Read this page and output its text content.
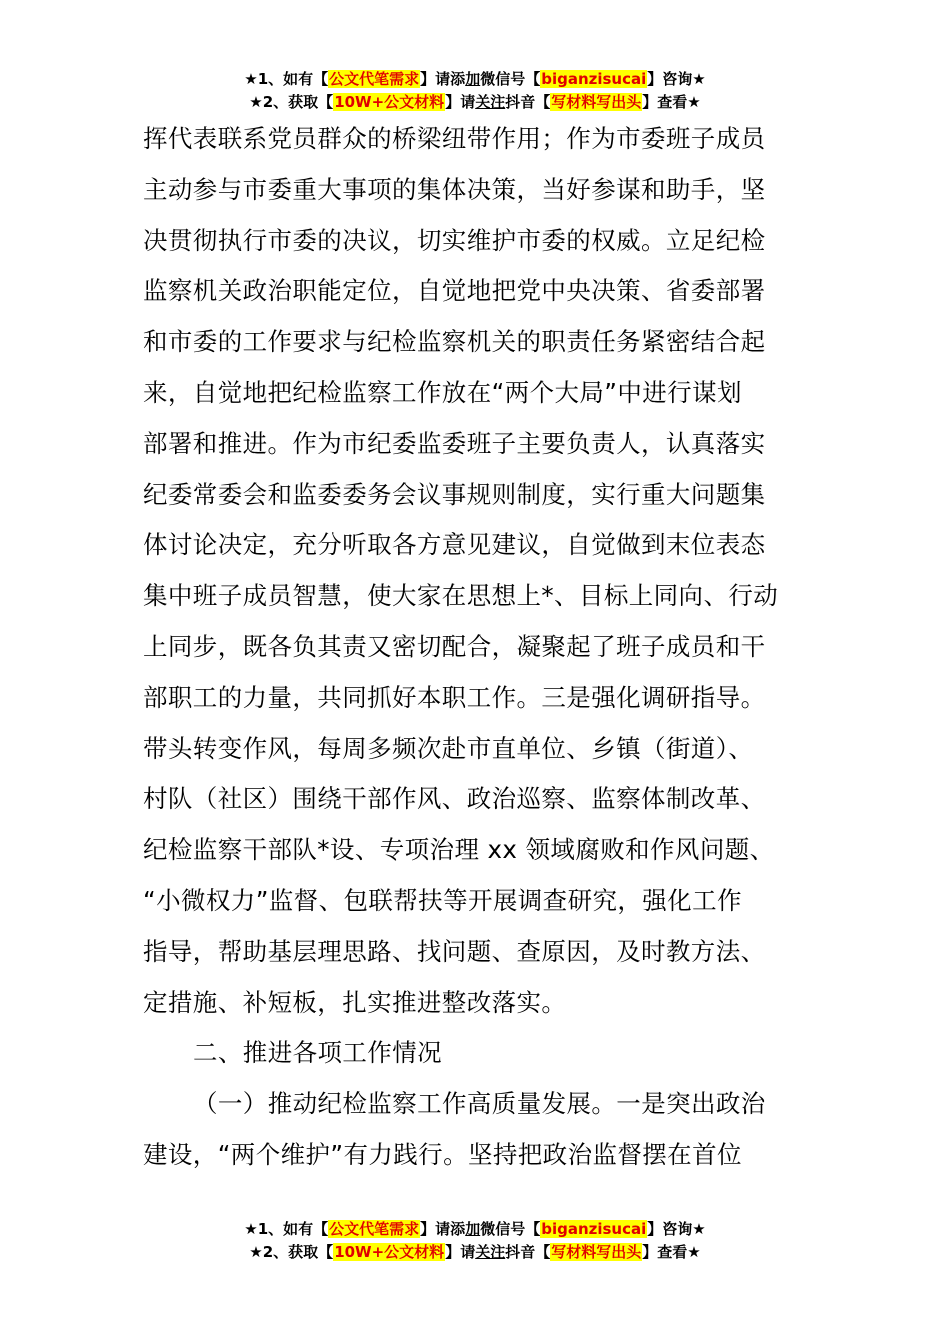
★1、如有【公文代笔需求】请添加微信号【biganzisucai】咨询★
★2、获取【10W+公文材料】请关注抖音【写材料写出头】查看★
挥代表联系党员群众的桥梁纽带作用；作为市委班子成员
主动参与市委重大事项的集体决策，当好参谋和助手，坚
决贯彻执行市委的决议，切实维护市委的权威。立足纪检
监察机关政治职能定位，自觉地把党中央决策、省委部署
和市委的工作要求与纪检监察机关的职责任务紧密结合起
来，自觉地把纪检监察工作放在“两个大局”中进行谋划
部署和推进。作为市纪委监委班子主要负责人，认真落实
纪委常委会和监委委务会议事规则制度，实行重大问题集
体讨论决定，充分听取各方意见建议，自觉做到末位表态
集中班子成员智慧，使大家在思想上*、目标上同向、行动
上同步，既各负其责又密切配合，凝聚起了班子成员和干
部职工的力量，共同抓好本职工作。三是强化调研指导。
带头转变作风，每周多频次赴市直单位、乡镇（街道）、
村队（社区）围绕干部作风、政治巡察、监察体制改革、
纪检监察干部队*设、专项治理 xx 领域腐败和作风问题、
“小微权力”监督、包联帮扶等开展调查研究，强化工作
指导，帮助基层理思路、找问题、查原因，及时教方法、
定措施、补短板，扎实推进整改落实。
二、推进各项工作情况
（一）推动纪检监察工作高质量发展。一是突出政治
建设，“两个维护”有力践行。坚持把政治监督摆在首位
★1、如有【公文代笔需求】请添加微信号【biganzisucai】咨询★
★2、获取【10W+公文材料】请关注抖音【写材料写出头】查看★
